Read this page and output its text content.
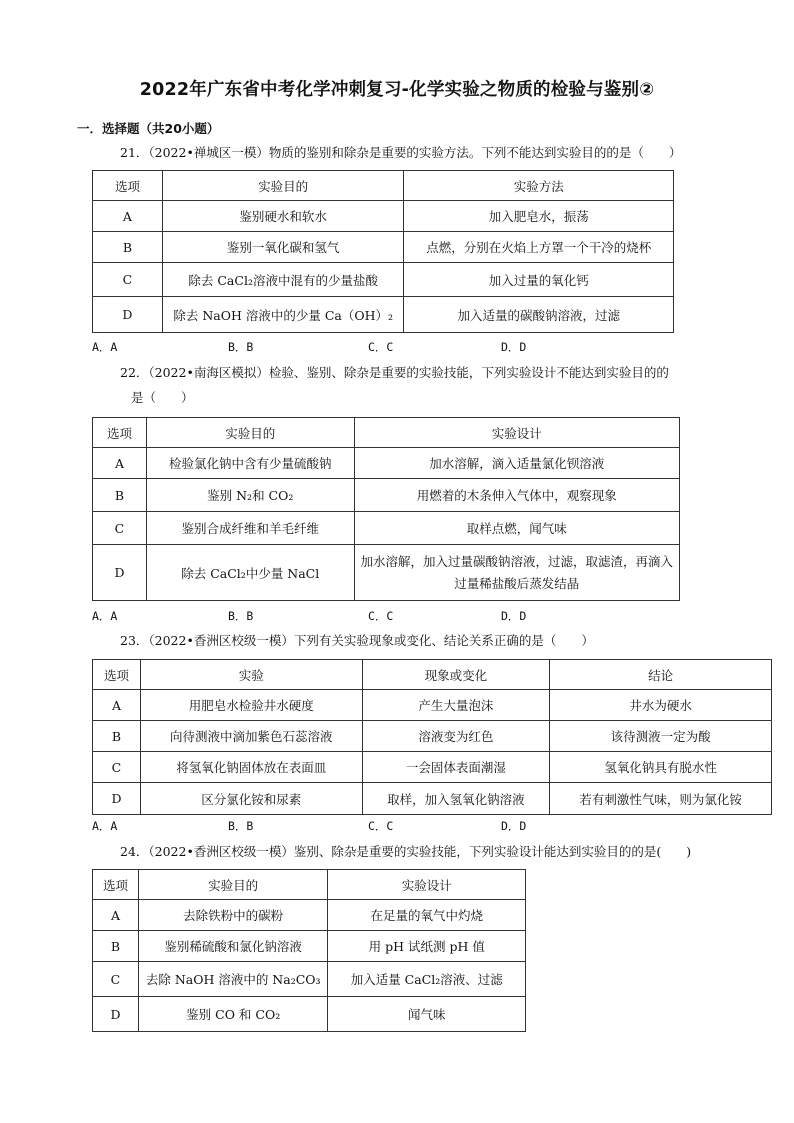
2022年广东省中考化学冲刺复习-化学实验之物质的检验与鉴别②
一．选择题（共20小题）
21．（2022•禅城区一模）物质的鉴别和除杂是重要的实验方法。下列不能达到实验目的的是（　　）
选项	实验目的	实验方法
A	鉴别硬水和软水	加入肥皂水，振荡
B	鉴别一氧化碳和氢气	点燃，分别在火焰上方罩一个干冷的烧杯
C	除去 CaCl₂溶液中混有的少量盐酸	加入过量的氧化钙
D	除去 NaOH 溶液中的少量 Ca（OH）₂	加入适量的碳酸钠溶液，过滤
A．A	B．B	C．C	D．D
22．（2022•南海区模拟）检验、鉴别、除杂是重要的实验技能，下列实验设计不能达到实验目的的
是（　　）
选项	实验目的	实验设计
A	检验氯化钠中含有少量硫酸钠	加水溶解，滴入适量氯化钡溶液
B	鉴别 N₂和 CO₂	用燃着的木条伸入气体中，观察现象
C	鉴别合成纤维和羊毛纤维	取样点燃，闻气味
D	除去 CaCl₂中少量 NaCl	加水溶解，加入过量碳酸钠溶液，过滤，取滤渣，再滴入过量稀盐酸后蒸发结晶
A．A	B．B	C．C	D．D
23．（2022•香洲区校级一模）下列有关实验现象或变化、结论关系正确的是（　　）
选项	实验	现象或变化	结论
A	用肥皂水检验井水硬度	产生大量泡沫	井水为硬水
B	向待测液中滴加紫色石蕊溶液	溶液变为红色	该待测液一定为酸
C	将氢氧化钠固体放在表面皿	一会固体表面潮湿	氢氧化钠具有脱水性
D	区分氯化铵和尿素	取样，加入氢氧化钠溶液	若有刺激性气味，则为氯化铵
A．A	B．B	C．C	D．D
24．（2022•香洲区校级一模）鉴别、除杂是重要的实验技能，下列实验设计能达到实验目的的是(　　)
选项	实验目的	实验设计
A	去除铁粉中的碳粉	在足量的氧气中灼烧
B	鉴别稀硫酸和氯化钠溶液	用 pH 试纸测 pH 值
C	去除 NaOH 溶液中的 Na₂CO₃	加入适量 CaCl₂溶液、过滤
D	鉴别 CO 和 CO₂	闻气味
